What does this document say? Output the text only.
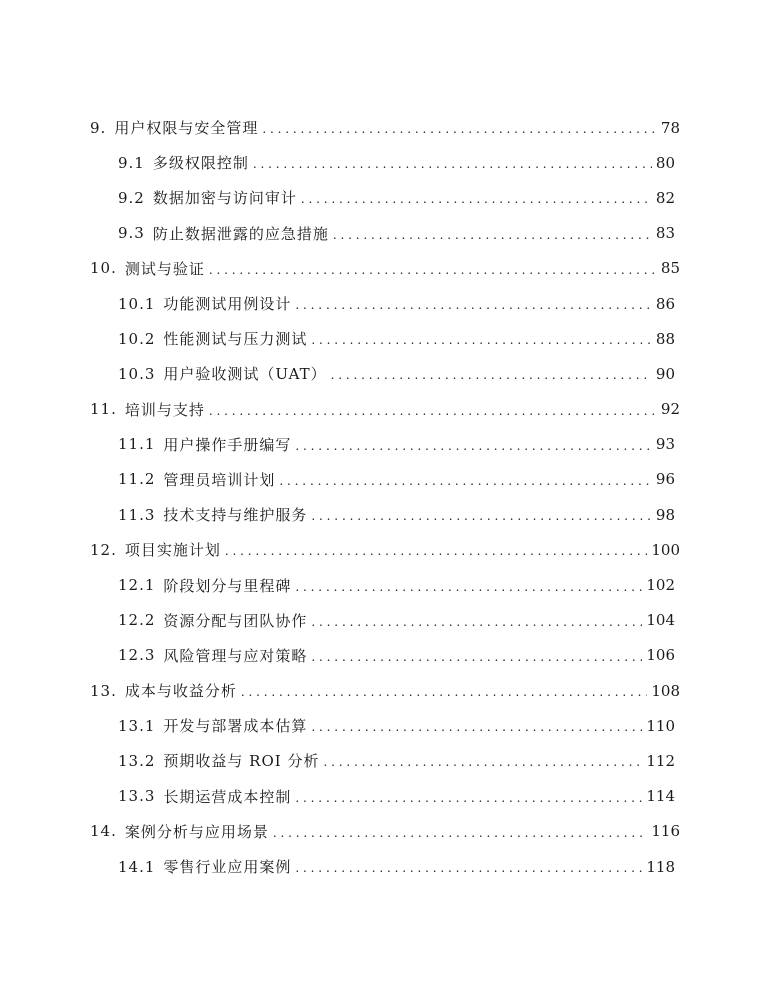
9. 用户权限与安全管理 . . .	78
9.1 多级权限控制 . . .	80
9.2 数据加密与访问审计 . . .	82
9.3 防止数据泄露的应急措施 . . .	83
10. 测试与验证 . . .	85
10.1 功能测试用例设计 . . .	86
10.2 性能测试与压力测试 . . .	88
10.3 用户验收测试（UAT） . . .	90
11. 培训与支持 . . .	92
11.1 用户操作手册编写 . . .	93
11.2 管理员培训计划 . . .	96
11.3 技术支持与维护服务 . . .	98
12. 项目实施计划 . . .	100
12.1 阶段划分与里程碑 . . .	102
12.2 资源分配与团队协作 . . .	104
12.3 风险管理与应对策略 . . .	106
13. 成本与收益分析 . . .	108
13.1 开发与部署成本估算 . . .	110
13.2 预期收益与 ROI 分析 . . .	112
13.3 长期运营成本控制 . . .	114
14. 案例分析与应用场景 . . .	116
14.1 零售行业应用案例 . . .	118
